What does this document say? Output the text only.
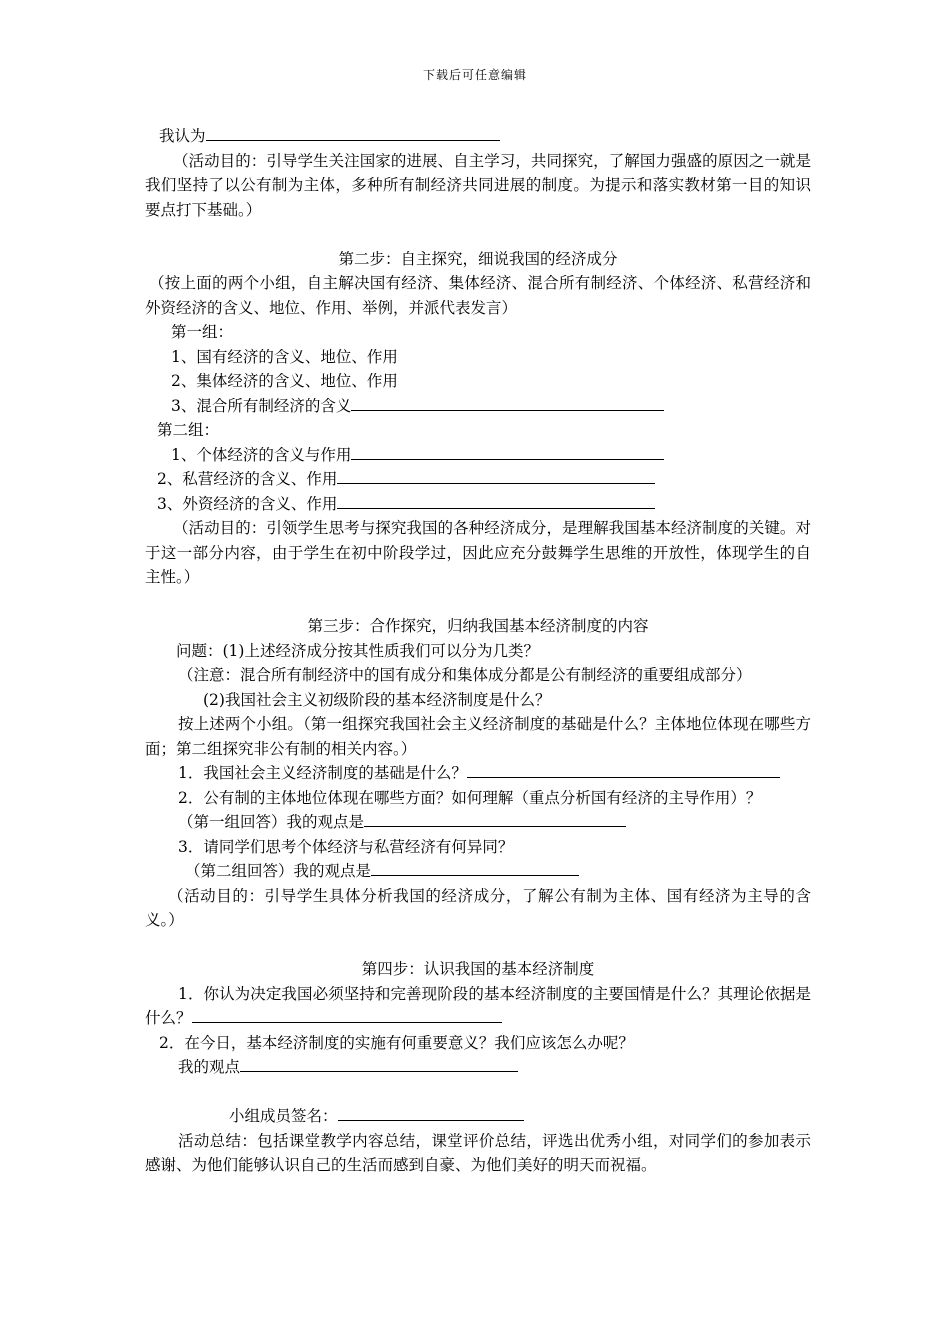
下载后可任意编辑

我认为

（活动目的：引导学生关注国家的进展、自主学习，共同探究，了解国力强盛的原因之一就是我们坚持了以公有制为主体，多种所有制经济共同进展的制度。为提示和落实教材第一目的知识要点打下基础。）

第二步：自主探究，细说我国的经济成分

（按上面的两个小组，自主解决国有经济、集体经济、混合所有制经济、个体经济、私营经济和外资经济的含义、地位、作用、举例，并派代表发言）

第一组：

1、国有经济的含义、地位、作用

2、集体经济的含义、地位、作用

3、混合所有制经济的含义

第二组：

1、个体经济的含义与作用

2、私营经济的含义、作用

3、外资经济的含义、作用

（活动目的：引领学生思考与探究我国的各种经济成分，是理解我国基本经济制度的关键。对于这一部分内容，由于学生在初中阶段学过，因此应充分鼓舞学生思维的开放性，体现学生的自主性。）

第三步：合作探究，归纳我国基本经济制度的内容

问题：(1)上述经济成分按其性质我们可以分为几类？

（注意：混合所有制经济中的国有成分和集体成分都是公有制经济的重要组成部分）

(2)我国社会主义初级阶段的基本经济制度是什么？

按上述两个小组。（第一组探究我国社会主义经济制度的基础是什么？主体地位体现在哪些方面；第二组探究非公有制的相关内容。）

1．我国社会主义经济制度的基础是什么？

2．公有制的主体地位体现在哪些方面？如何理解（重点分析国有经济的主导作用）？

（第一组回答）我的观点是

3．请同学们思考个体经济与私营经济有何异同？

（第二组回答）我的观点是

（活动目的：引导学生具体分析我国的经济成分，了解公有制为主体、国有经济为主导的含义。）

第四步：认识我国的基本经济制度

1．你认为决定我国必须坚持和完善现阶段的基本经济制度的主要国情是什么？其理论依据是什么？

2．在今日，基本经济制度的实施有何重要意义？我们应该怎么办呢？

我的观点

小组成员签名：

活动总结：包括课堂教学内容总结，课堂评价总结，评选出优秀小组，对同学们的参加表示感谢、为他们能够认识自己的生活而感到自豪、为他们美好的明天而祝福。
